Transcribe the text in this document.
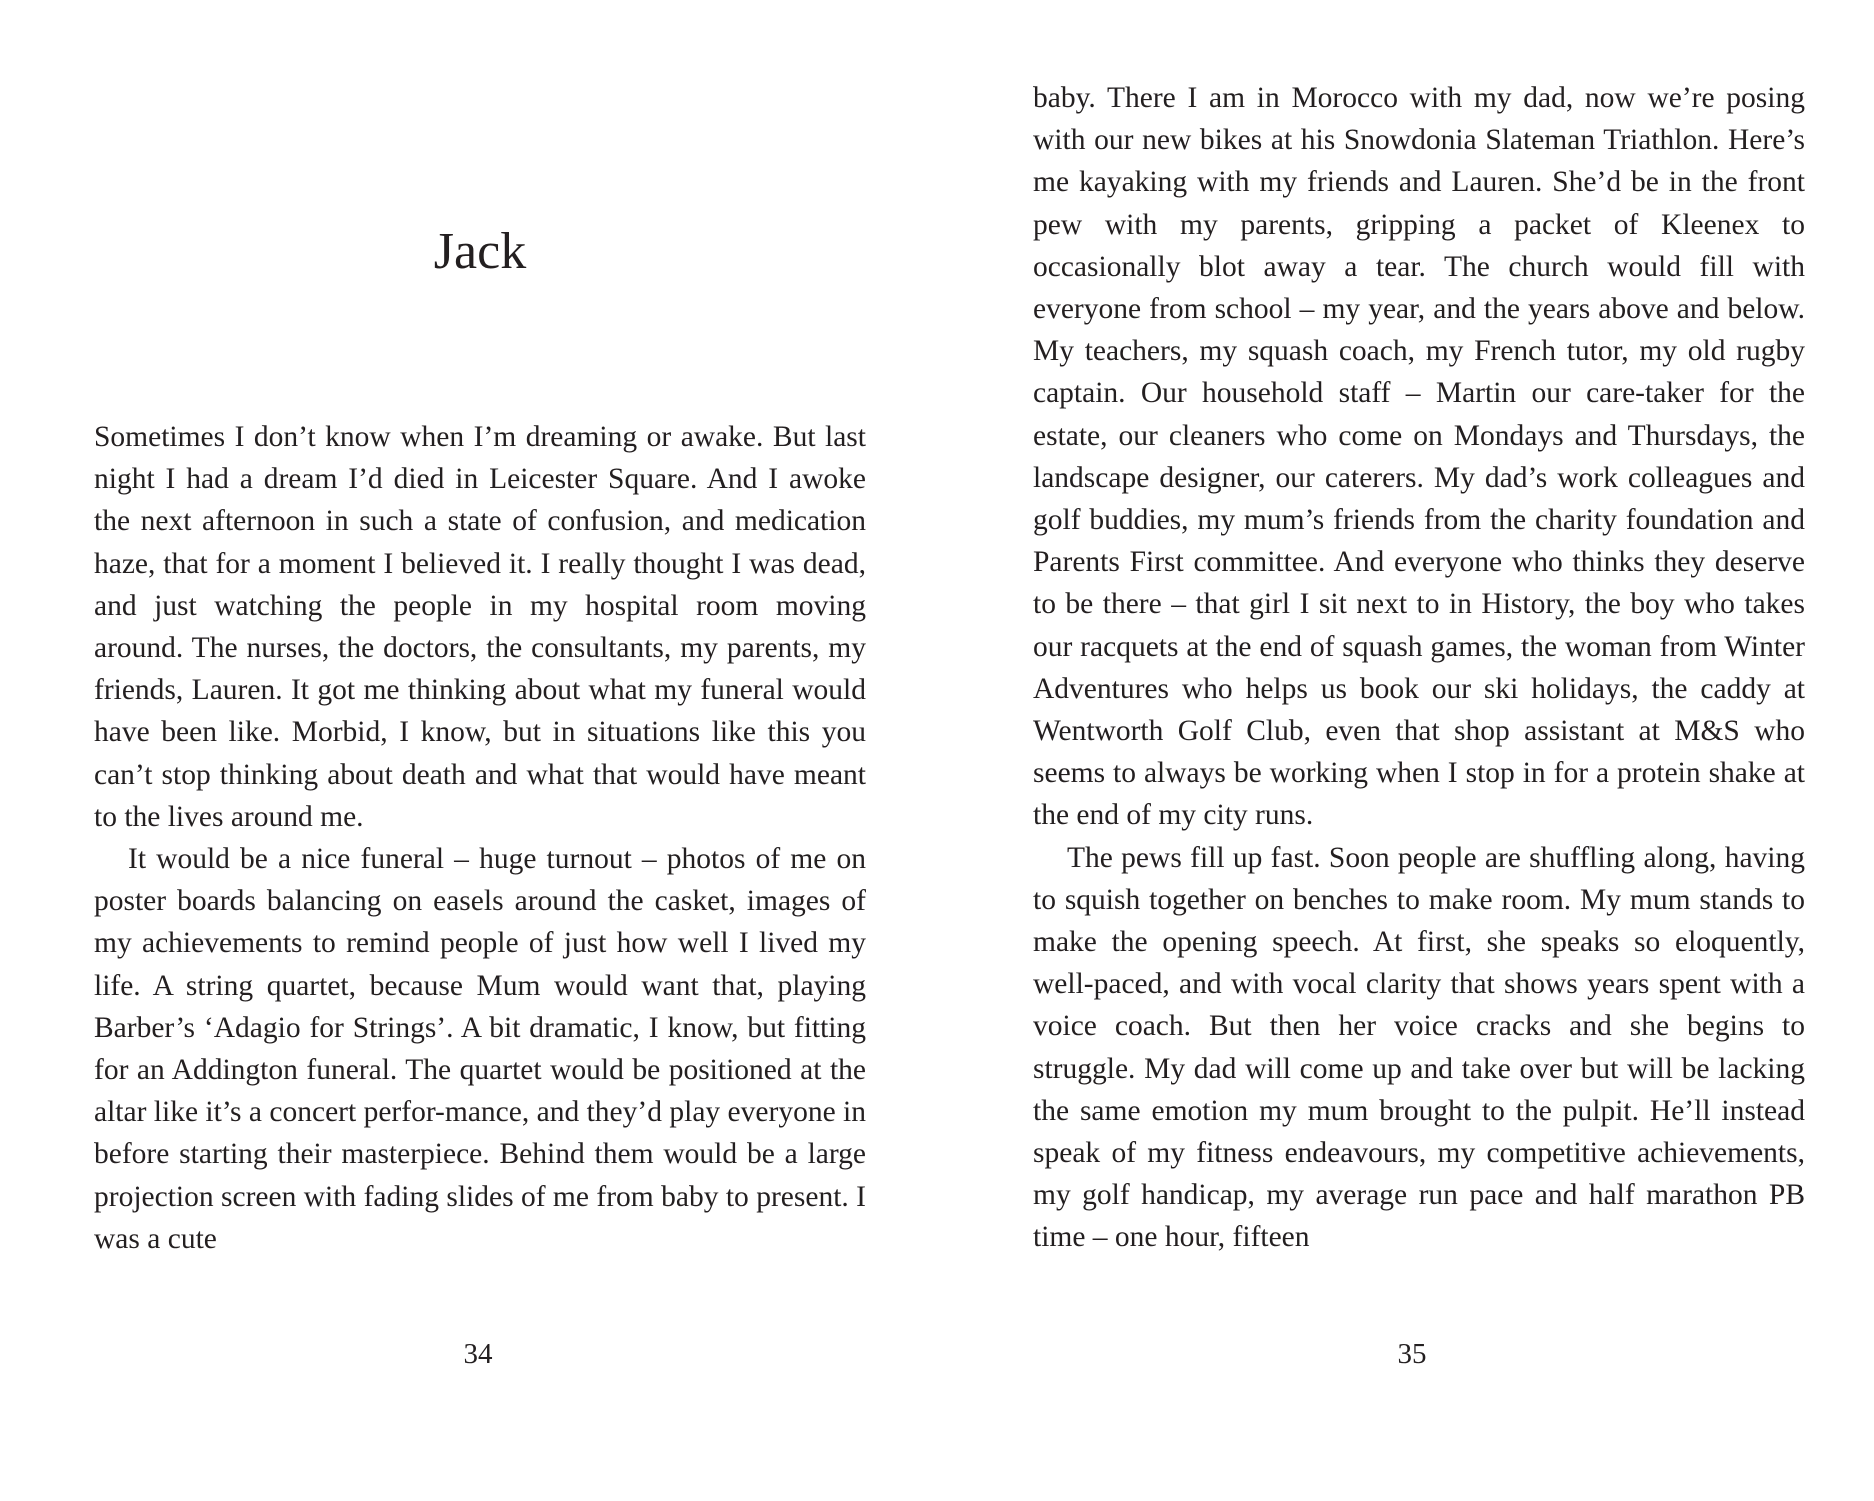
Jack

Sometimes I don’t know when I’m dreaming or awake. But last night I had a dream I’d died in Leicester Square. And I awoke the next afternoon in such a state of confusion, and medication haze, that for a moment I believed it. I really thought I was dead, and just watching the people in my hospital room moving around. The nurses, the doctors, the consultants, my parents, my friends, Lauren. It got me thinking about what my funeral would have been like. Morbid, I know, but in situations like this you can’t stop thinking about death and what that would have meant to the lives around me.

It would be a nice funeral – huge turnout – photos of me on poster boards balancing on easels around the casket, images of my achievements to remind people of just how well I lived my life. A string quartet, because Mum would want that, playing Barber’s ‘Adagio for Strings’. A bit dramatic, I know, but fitting for an Addington funeral. The quartet would be positioned at the altar like it’s a concert perfor-mance, and they’d play everyone in before starting their masterpiece. Behind them would be a large projection screen with fading slides of me from baby to present. I was a cute

34

baby. There I am in Morocco with my dad, now we’re posing with our new bikes at his Snowdonia Slateman Triathlon. Here’s me kayaking with my friends and Lauren. She’d be in the front pew with my parents, gripping a packet of Kleenex to occasionally blot away a tear. The church would fill with everyone from school – my year, and the years above and below. My teachers, my squash coach, my French tutor, my old rugby captain. Our household staff – Martin our care-taker for the estate, our cleaners who come on Mondays and Thursdays, the landscape designer, our caterers. My dad’s work colleagues and golf buddies, my mum’s friends from the charity foundation and Parents First committee. And everyone who thinks they deserve to be there – that girl I sit next to in History, the boy who takes our racquets at the end of squash games, the woman from Winter Adventures who helps us book our ski holidays, the caddy at Wentworth Golf Club, even that shop assistant at M&S who seems to always be working when I stop in for a protein shake at the end of my city runs.

The pews fill up fast. Soon people are shuffling along, having to squish together on benches to make room. My mum stands to make the opening speech. At first, she speaks so eloquently, well-paced, and with vocal clarity that shows years spent with a voice coach. But then her voice cracks and she begins to struggle. My dad will come up and take over but will be lacking the same emotion my mum brought to the pulpit. He’ll instead speak of my fitness endeavours, my competitive achievements, my golf handicap, my average run pace and half marathon PB time – one hour, fifteen

35
